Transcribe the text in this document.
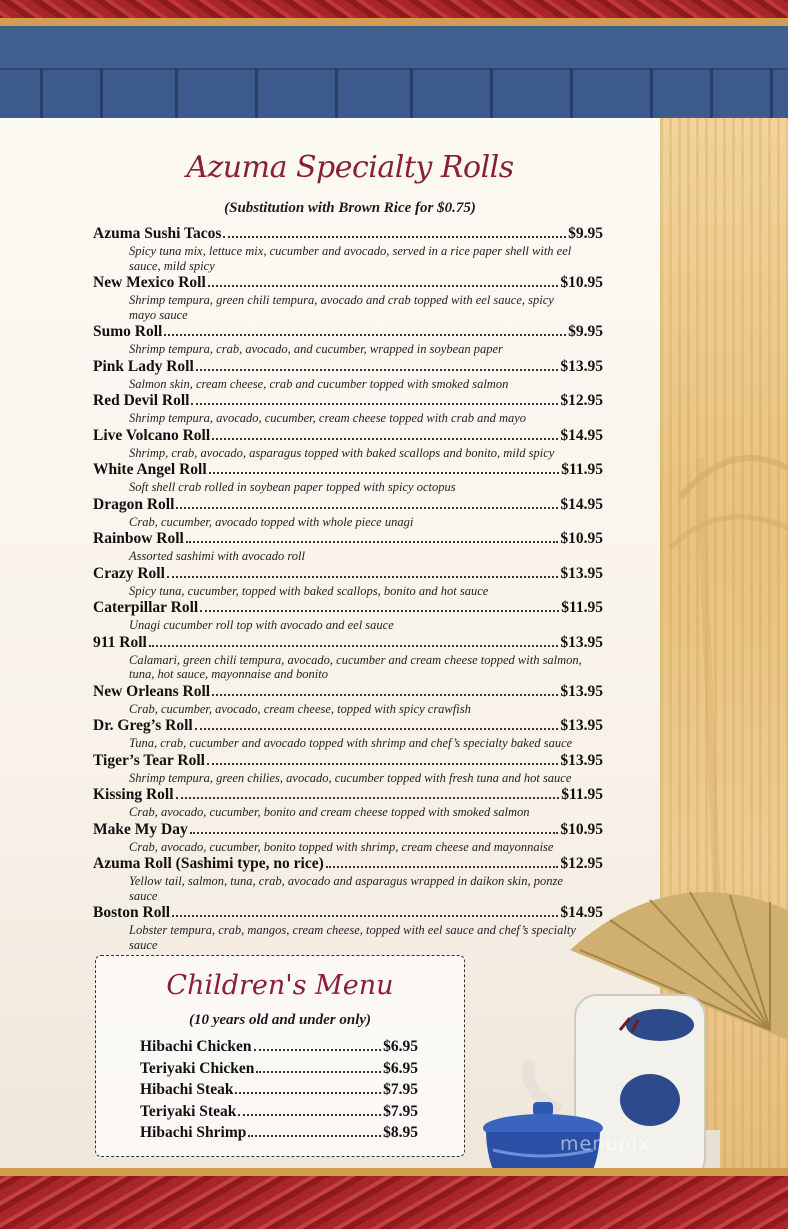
Azuma Specialty Rolls
(Substitution with Brown Rice for $0.75)
Azuma Sushi Tacos	$9.95
Spicy tuna mix, lettuce mix, cucumber and avocado, served in a rice paper shell with eel sauce, mild spicy
New Mexico Roll	$10.95
Shrimp tempura, green chili tempura, avocado and crab topped with eel sauce, spicy mayo sauce
Sumo Roll	$9.95
Shrimp tempura, crab, avocado, and cucumber, wrapped in soybean paper
Pink Lady Roll	$13.95
Salmon skin, cream cheese, crab and cucumber topped with smoked salmon
Red Devil Roll	$12.95
Shrimp tempura, avocado, cucumber, cream cheese topped with crab and mayo
Live Volcano Roll	$14.95
Shrimp, crab, avocado, asparagus topped with baked scallops and bonito, mild spicy
White Angel Roll	$11.95
Soft shell crab rolled in soybean paper topped with spicy octopus
Dragon Roll	$14.95
Crab, cucumber, avocado topped with whole piece unagi
Rainbow Roll	$10.95
Assorted sashimi with avocado roll
Crazy Roll	$13.95
Spicy tuna, cucumber, topped with baked scallops, bonito and hot sauce
Caterpillar Roll	$11.95
Unagi cucumber roll top with avocado and eel sauce
911 Roll	$13.95
Calamari, green chili tempura, avocado, cucumber and cream cheese topped with salmon, tuna, hot sauce, mayonnaise and bonito
New Orleans Roll	$13.95
Crab, cucumber, avocado, cream cheese, topped with spicy crawfish
Dr. Greg’s Roll	$13.95
Tuna, crab, cucumber and avocado topped with shrimp and chef’s specialty baked sauce
Tiger’s Tear Roll	$13.95
Shrimp tempura, green chilies, avocado, cucumber topped with fresh tuna and hot sauce
Kissing Roll	$11.95
Crab, avocado, cucumber, bonito and cream cheese topped with smoked salmon
Make My Day	$10.95
Crab, avocado, cucumber, bonito topped with shrimp, cream cheese and mayonnaise
Azuma Roll (Sashimi type, no rice)	$12.95
Yellow tail, salmon, tuna, crab, avocado and asparagus wrapped in daikon skin, ponze sauce
Boston Roll	$14.95
Lobster tempura, crab, mangos, cream cheese, topped with eel sauce and chef’s specialty sauce
Children's Menu
(10 years old and under only)
Hibachi Chicken	$6.95
Teriyaki Chicken	$6.95
Hibachi Steak	$7.95
Teriyaki Steak	$7.95
Hibachi Shrimp	$8.95
menupix
